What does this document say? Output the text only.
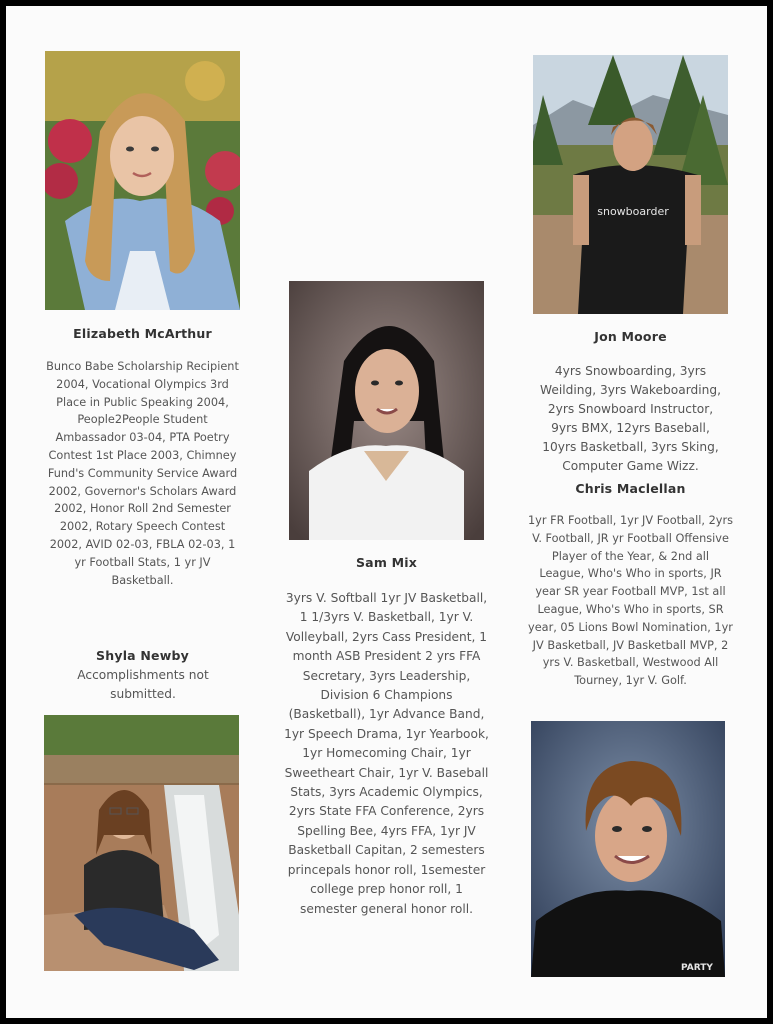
Elizabeth McArthur
Bunco Babe Scholarship Recipient 2004, Vocational Olympics 3rd Place in Public Speaking 2004, People2People Student Ambassador 03-04, PTA Poetry Contest 1st Place 2003, Chimney Fund's Community Service Award 2002, Governor's Scholars Award 2002, Honor Roll 2nd Semester 2002, Rotary Speech Contest 2002, AVID 02-03, FBLA 02-03, 1 yr Football Stats, 1 yr JV Basketball.
Shyla Newby
Accomplishments not submitted.
Sam Mix
3yrs V. Softball 1yr JV Basketball, 1 1/3yrs V. Basketball, 1yr V. Volleyball, 2yrs Cass President, 1 month ASB President 2 yrs FFA Secretary, 3yrs Leadership, Division 6 Champions (Basketball), 1yr Advance Band, 1yr Speech Drama, 1yr Yearbook, 1yr Homecoming Chair, 1yr Sweetheart Chair, 1yr V. Baseball Stats, 3yrs Academic Olympics, 2yrs State FFA Conference, 2yrs Spelling Bee, 4yrs FFA, 1yr JV Basketball Capitan, 2 semesters princepals honor roll, 1semester college prep honor roll, 1 semester general honor roll.
snowboarder
Jon Moore
4yrs Snowboarding, 3yrs Weilding, 3yrs Wakeboarding, 2yrs Snowboard Instructor, 9yrs BMX, 12yrs Baseball, 10yrs Basketball, 3yrs Sking, Computer Game Wizz.
Chris Maclellan
1yr FR Football, 1yr JV Football, 2yrs V. Football, JR yr Football Offensive Player of the Year, & 2nd all League, Who's Who in sports, JR year SR year Football MVP, 1st all League, Who's Who in sports, SR year, 05 Lions Bowl Nomination, 1yr JV Basketball, JV Basketball MVP, 2 yrs V. Basketball, Westwood All Tourney, 1yr V. Golf.
PARTY
